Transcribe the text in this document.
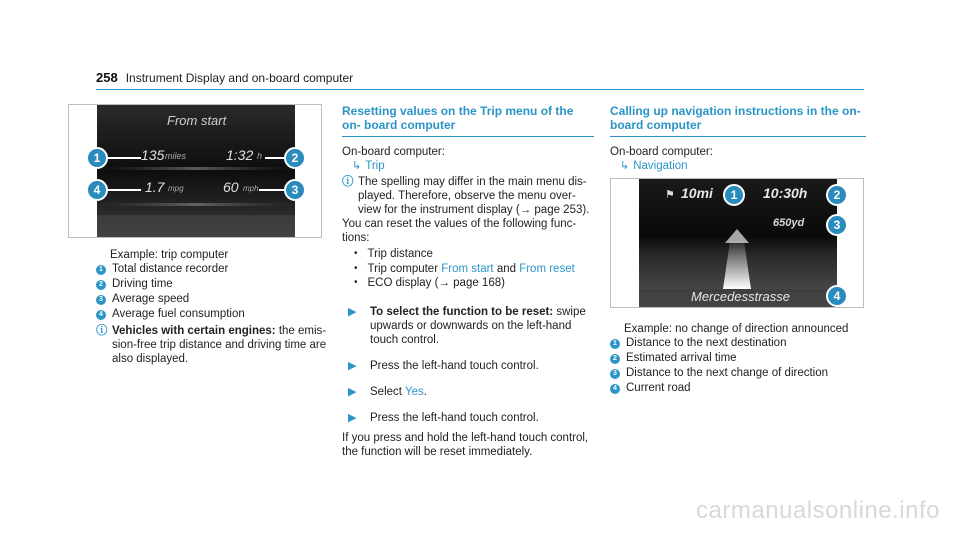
258 Instrument Display and on-board computer
From start
135 miles	1:32 h
1.7 mpg	60 mph
1	2
3
4

Example: trip computer

1 Total distance recorder
2 Driving time
3 Average speed
4 Average fuel consumption
ⓘ Vehicles with certain engines: the emis- sion-free trip distance and driving time are also displayed.

Resetting values on the Trip menu of the on- board computer

On-board computer:

↳ Trip
ⓘ The spelling may differ in the main menu dis- played. Therefore, observe the menu over- view for the instrument display (→ page 253).

You can reset the values of the following func- tions:

• Trip distance
• Trip computer From start and From reset
• ECO display (→ page 168)
▶	To select the function to be reset: swipe upwards or downwards on the left-hand touch control.

▶	Press the left-hand touch control.

▶	Select Yes.

▶	Press the left-hand touch control.

If you press and hold the left-hand touch control, the function will be reset immediately.

Calling up navigation instructions in the on- board computer

On-board computer:

↳ Navigation
⚑ 10mi	10:30h
650yd
Mercedesstrasse
1	2
3
4

Example: no change of direction announced

1 Distance to the next destination
2 Estimated arrival time
3 Distance to the next change of direction
4 Current road
carmanualsonline.info
